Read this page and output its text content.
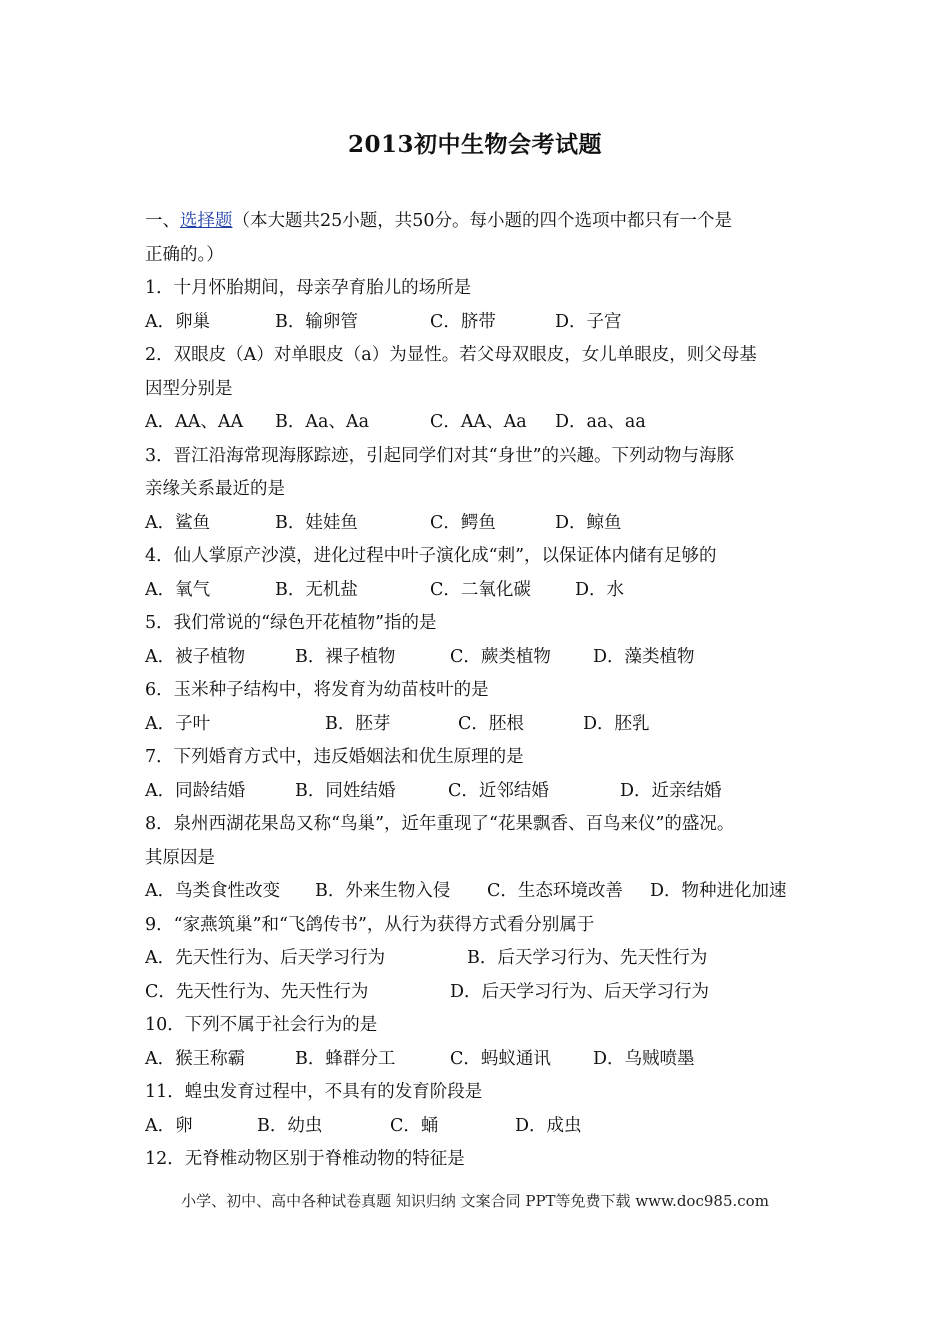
2013初中生物会考试题
一、选择题（本大题共25小题，共50分。每小题的四个选项中都只有一个是
正确的。）
1．十月怀胎期间，母亲孕育胎儿的场所是
A．卵巢	B．输卵管	C．脐带	D．子宫
2．双眼皮（A）对单眼皮（a）为显性。若父母双眼皮，女儿单眼皮，则父母基
因型分别是
A．AA、AA B．Aa、Aa	C．AA、Aa D．aa、aa
3．晋江沿海常现海豚踪迹，引起同学们对其“身世”的兴趣。下列动物与海豚
亲缘关系最近的是
A．鲨鱼	B．娃娃鱼	C．鳄鱼	D．鲸鱼
4．仙人掌原产沙漠，进化过程中叶子演化成“刺”，以保证体内储有足够的
A．氧气	B．无机盐	C．二氧化碳	D．水
5．我们常说的“绿色开花植物”指的是
A．被子植物	B．裸子植物	C．蕨类植物 D．藻类植物
6．玉米种子结构中，将发育为幼苗枝叶的是
A．子叶	B．胚芽	C．胚根	D．胚乳
7．下列婚育方式中，违反婚姻法和优生原理的是
A．同龄结婚	B．同姓结婚	C．近邻结婚	D．近亲结婚
8．泉州西湖花果岛又称“鸟巢”，近年重现了“花果飘香、百鸟来仪”的盛况。
其原因是
A．鸟类食性改变 B．外来生物入侵 C．生态环境改善 D．物种进化加速
9．“家燕筑巢”和“飞鸽传书”，从行为获得方式看分别属于
A．先天性行为、后天学习行为	B．后天学习行为、先天性行为
C．先天性行为、先天性行为	D．后天学习行为、后天学习行为
10．下列不属于社会行为的是
A．猴王称霸	B．蜂群分工	C．蚂蚁通讯 D．乌贼喷墨
11．蝗虫发育过程中，不具有的发育阶段是
A．卵	B．幼虫	C．蛹	D．成虫
12．无脊椎动物区别于脊椎动物的特征是
小学、初中、高中各种试卷真题 知识归纳 文案合同 PPT等免费下载 www.doc985.com
